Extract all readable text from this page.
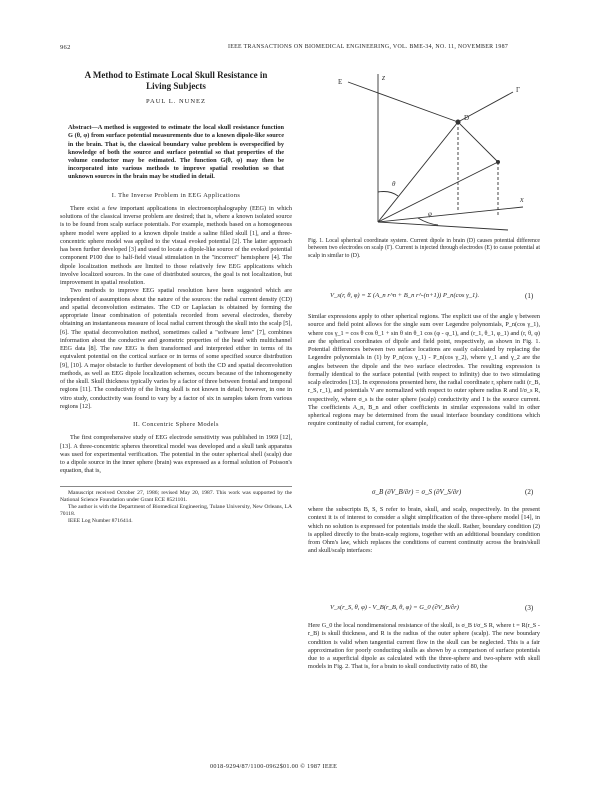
962	IEEE TRANSACTIONS ON BIOMEDICAL ENGINEERING, VOL. BME-34, NO. 11, NOVEMBER 1987
A Method to Estimate Local Skull Resistance in
Living Subjects
PAUL L. NUNEZ
Abstract—A method is suggested to estimate the local skull resistance function G (θ, φ) from surface potential measurements due to a known dipole-like source in the brain. That is, the classical boundary value problem is overspecified by knowledge of both the source and surface potential so that properties of the volume conductor may be estimated. The function G(θ, φ) may then be incorporated into various methods to improve spatial resolution so that unknown sources in the brain may be studied in detail.
I. The Inverse Problem in EEG Applications

There exist a few important applications in electroencephalography (EEG) in which solutions of the classical inverse problem are desired; that is, where a known isolated source is to be found from scalp surface potentials. For example, methods based on a homogeneous sphere model were applied to a known dipole inside a saline filled skull [1], and a three-concentric sphere model was applied to the visual evoked potential [2]. The latter approach has been further developed [3] and used to locate a dipole-like source of the evoked potential component P100 due to half-field visual stimulation in the "incorrect" hemisphere [4]. The dipole localization methods are limited to those relatively few EEG applications which involve localized sources. In the case of distributed sources, the goal is not localization, but improvement in spatial resolution.

Two methods to improve EEG spatial resolution have been suggested which are independent of assumptions about the nature of the sources: the radial current density (CD) and spatial deconvolution estimates. The CD or Laplacian is obtained by forming the appropriate linear combination of potentials recorded from several electrodes, thereby obtaining an instantaneous measure of local radial current through the skull into the scalp [5], [6]. The spatial deconvolution method, sometimes called a "software lens" [7], combines information about the conductive and geometric properties of the head with multichannel EEG data [8]. The raw EEG is then transformed and interpreted either in terms of its equivalent potential on the cortical surface or in terms of some specified source distribution [9], [10]. A major obstacle to further development of both the CD and spatial deconvolution methods, as well as EEG dipole localization schemes, occurs because of the inhomogeneity of the skull. Skull thickness typically varies by a factor of three between frontal and temporal regions [11]. The conductivity of the living skull is not known in detail; however, in one in vitro study, conductivity was found to vary by a factor of six in samples taken from various regions [12].

II. Concentric Sphere Models

The first comprehensive study of EEG electrode sensitivity was published in 1969 [12], [13]. A three-concentric spheres theoretical model was developed and a skull tank apparatus was used for experimental verification. The potential in the outer spherical shell (scalp) due to a dipole source in the inner sphere (brain) was expressed as a formal solution of Poisson's equation, that is,

Manuscript received October 27, 1986; revised May 20, 1987. This work was supported by the National Science Foundation under Grant ECE 8521101.
The author is with the Department of Biomedical Engineering, Tulane University, New Orleans, LA 70118.
IEEE Log Number 8716414.
z
x
θ
φ
E
Γ
D
Fig. 1. Local spherical coordinate system. Current dipole in brain (D) causes potential difference between two electrodes on scalp (Γ). Current is injected through electrodes (E) to cause potential at scalp in similar to (D).
V_s(r, θ, φ) = Σ (A_n r^n + B_n r^-(n+1)) P_n(cos γ_1).	(1)

Similar expressions apply to other spherical regions. The explicit use of the angle γ between source and field point allows for the single sum over Legendre polynomials, P_n(cos γ_1), where cos γ_1 = cos θ cos θ_1 + sin θ sin θ_1 cos (φ - φ_1), and (r_1, θ_1, φ_1) and (r, θ, φ) are the spherical coordinates of dipole and field point, respectively, as shown in Fig. 1. Potential differences between two surface locations are easily calculated by replacing the Legendre polynomials in (1) by P_n(cos γ_1) - P_n(cos γ_2), where γ_1 and γ_2 are the angles between the dipole and the two surface electrodes. The resulting expression is formally identical to the surface potential (with respect to infinity) due to two stimulating scalp electrodes [13]. In expressions presented here, the radial coordinate r, sphere radii (r_B, r_S, r_1), and potentials V are normalized with respect to outer sphere radius R and I/σ_s R, respectively, where σ_s is the outer sphere (scalp) conductivity and I is the source current. The coefficients A_n, B_n and other coefficients in similar expressions valid in other spherical regions may be determined from the usual interface boundary conditions which require continuity of radial current, for example,

σ_B (∂V_B/∂r) = σ_S (∂V_S/∂r)	(2)

where the subscripts B, S, S refer to brain, skull, and scalp, respectively. In the present context it is of interest to consider a slight simplification of the three-sphere model [14], in which no solution is expressed for potentials inside the skull. Rather, boundary condition (2) is applied directly to the brain-scalp regions, together with an additional boundary condition from Ohm's law, which replaces the conditions of current continuity across the brain/skull and skull/scalp interfaces:

V_s(r_S, θ, φ) - V_B(r_B, θ, φ) = G_0 (∂V_B/∂r)	(3)

Here G_0 the local nondimensional resistance of the skull, is σ_B t/σ_S R, where t = R(r_S - r_B) is skull thickness, and R is the radius of the outer sphere (scalp). The new boundary condition is valid when tangential current flow in the skull can be neglected. This is a fair approximation for poorly conducting skulls as shown by a comparison of surface potentials due to a superficial dipole as calculated with the three-sphere and two-sphere with skull models in Fig. 2. That is, for a brain to skull conductivity ratio of 80, the

0018-9294/87/1100-0962$01.00 © 1987 IEEE
